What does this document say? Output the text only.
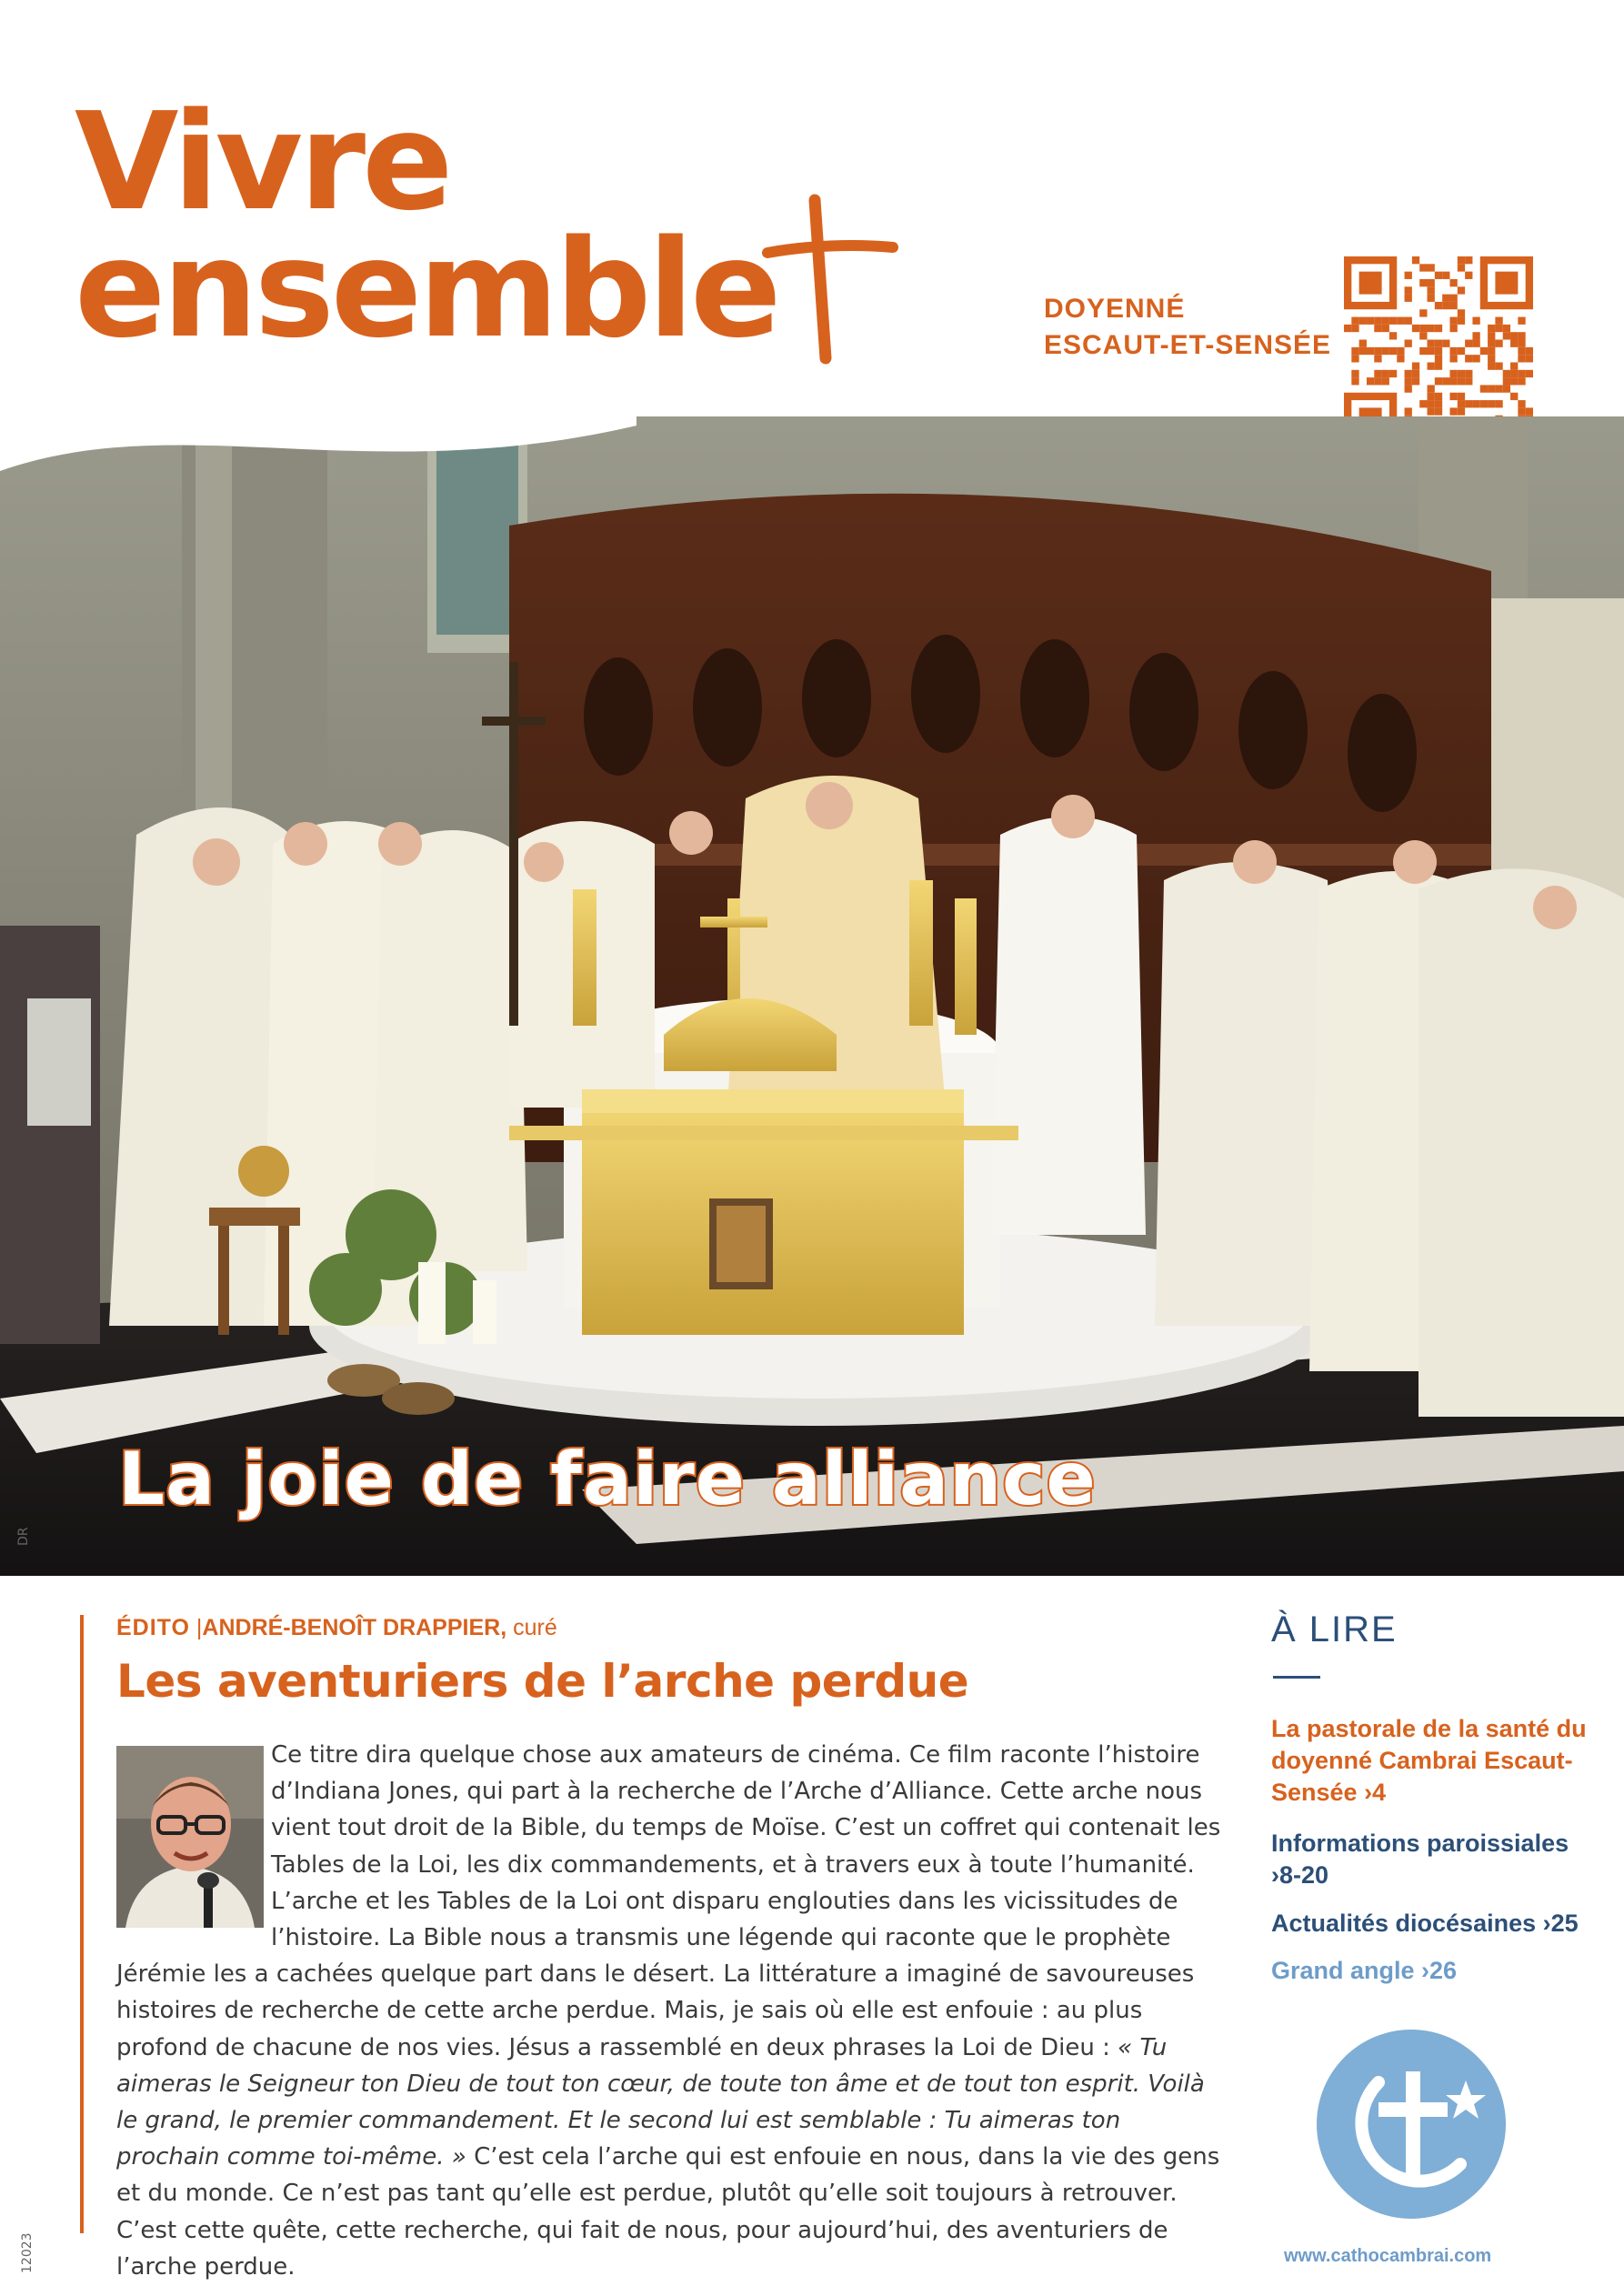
Vivre
ensemble	DOYENNÉ
ESCAUT-ET-SENSÉE
La joie de faire alliance
DR
ÉDITO |ANDRÉ-BENOÎT DRAPPIER, curé
Les aventuriers de l’arche perdue

Ce titre dira quelque chose aux amateurs de cinéma. Ce film raconte l’histoire d’Indiana Jones, qui part à la recherche de l’Arche d’Alliance. Cette arche nous vient tout droit de la Bible, du temps de Moïse. C’est un coffret qui contenait les Tables de la Loi, les dix commandements, et à travers eux à toute l’humanité. L’arche et les Tables de la Loi ont disparu englouties dans les vicissitudes de l’histoire. La Bible nous a transmis une légende qui raconte que le prophète Jérémie les a cachées quelque part dans le désert. La littérature a imaginé de savoureuses histoires de recherche de cette arche perdue. Mais, je sais où elle est enfouie : au plus profond de chacune de nos vies. Jésus a rassemblé en deux phrases la Loi de Dieu : « Tu aimeras le Seigneur ton Dieu de tout ton cœur, de toute ton âme et de tout ton esprit. Voilà le grand, le premier commandement. Et le second lui est semblable : Tu aimeras ton prochain comme toi-même. » C’est cela l’arche qui est enfouie en nous, dans la vie des gens et du monde. Ce n’est pas tant qu’elle est perdue, plutôt qu’elle soit toujours à retrouver. C’est cette quête, cette recherche, qui fait de nous, pour aujourd’hui, des aventuriers de l’arche perdue.

À LIRE
La pastorale de la santé du doyenné Cambrai Escaut-Sensée ›4
Informations paroissiales ›8-20
Actualités diocésaines ›25
Grand angle ›26
www.cathocambrai.com
12023
